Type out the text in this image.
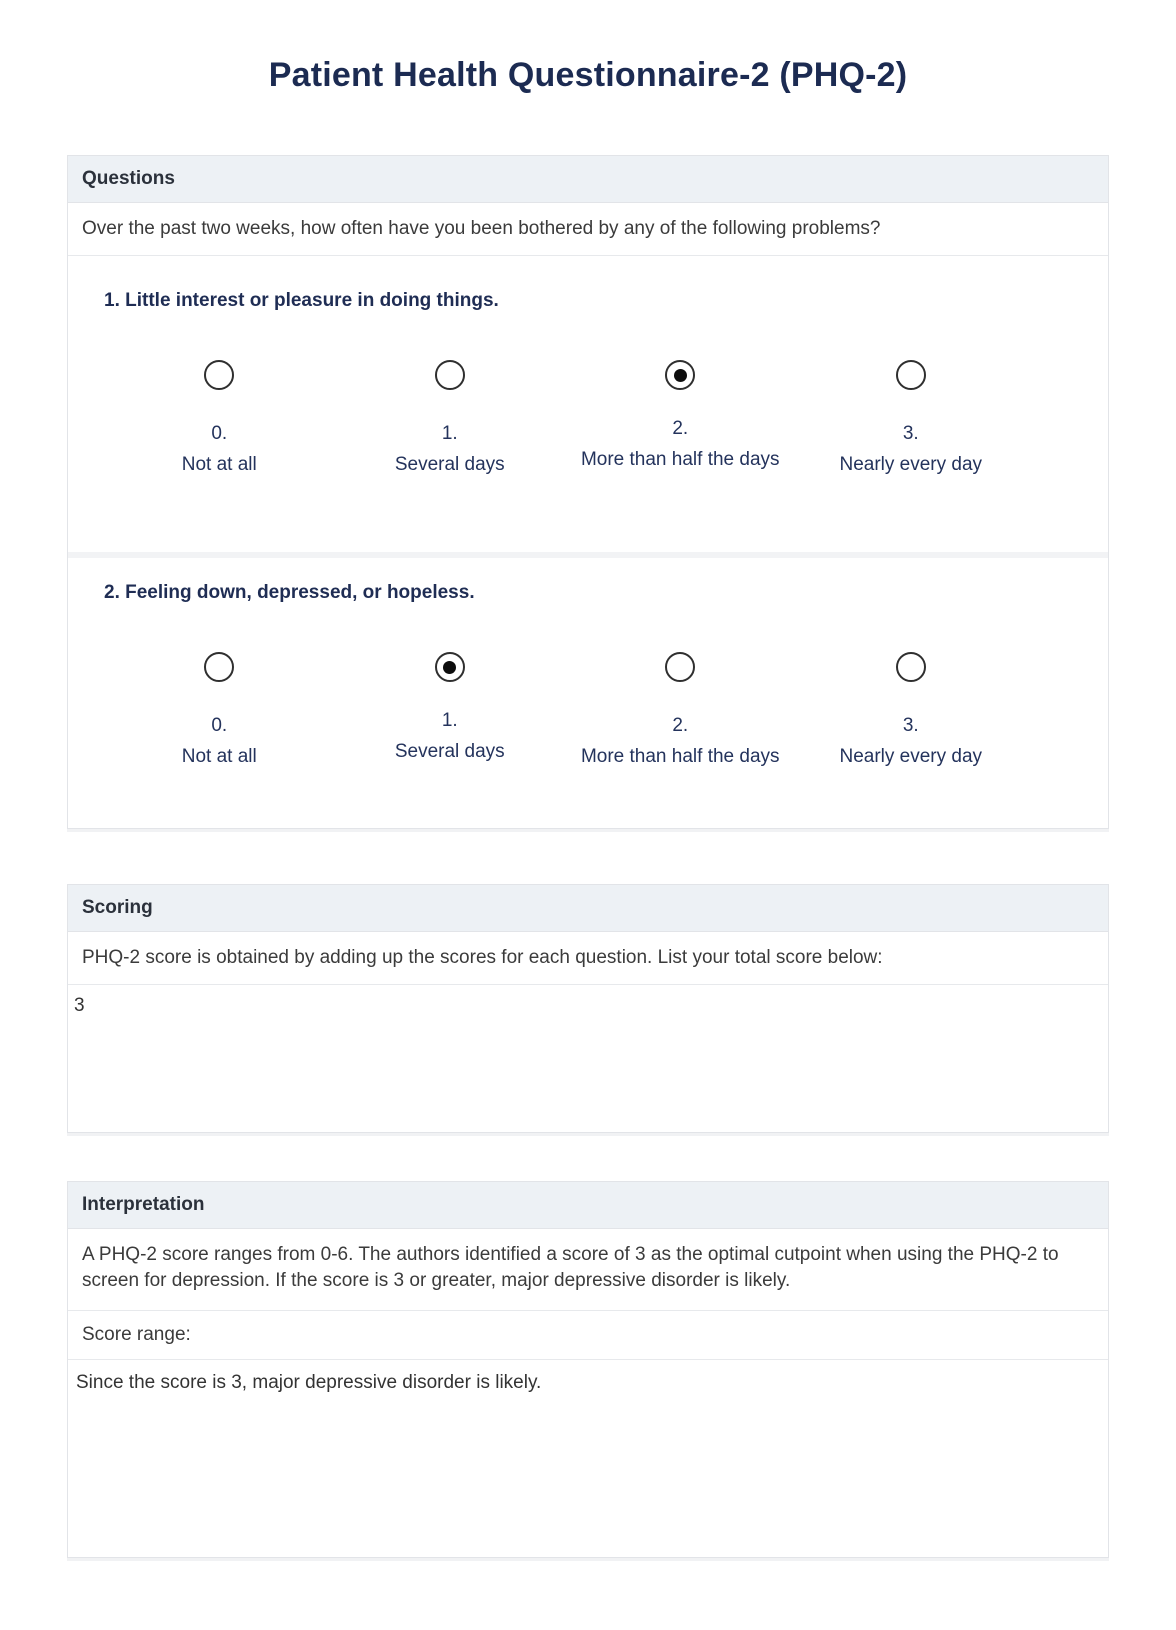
Patient Health Questionnaire-2 (PHQ-2)
Questions
Over the past two weeks, how often have you been bothered by any of the following problems?
1. Little interest or pleasure in doing things.
0.
Not at all
1.
Several days
2.
More than half the days
3.
Nearly every day
2. Feeling down, depressed, or hopeless.
0.
Not at all
1.
Several days
2.
More than half the days
3.
Nearly every day
Scoring
PHQ-2 score is obtained by adding up the scores for each question. List your total score below:
3
Interpretation
A PHQ-2 score ranges from 0-6. The authors identified a score of 3 as the optimal cutpoint when using the PHQ-2 to screen for depression. If the score is 3 or greater, major depressive disorder is likely.
Score range:
Since the score is 3, major depressive disorder is likely.
